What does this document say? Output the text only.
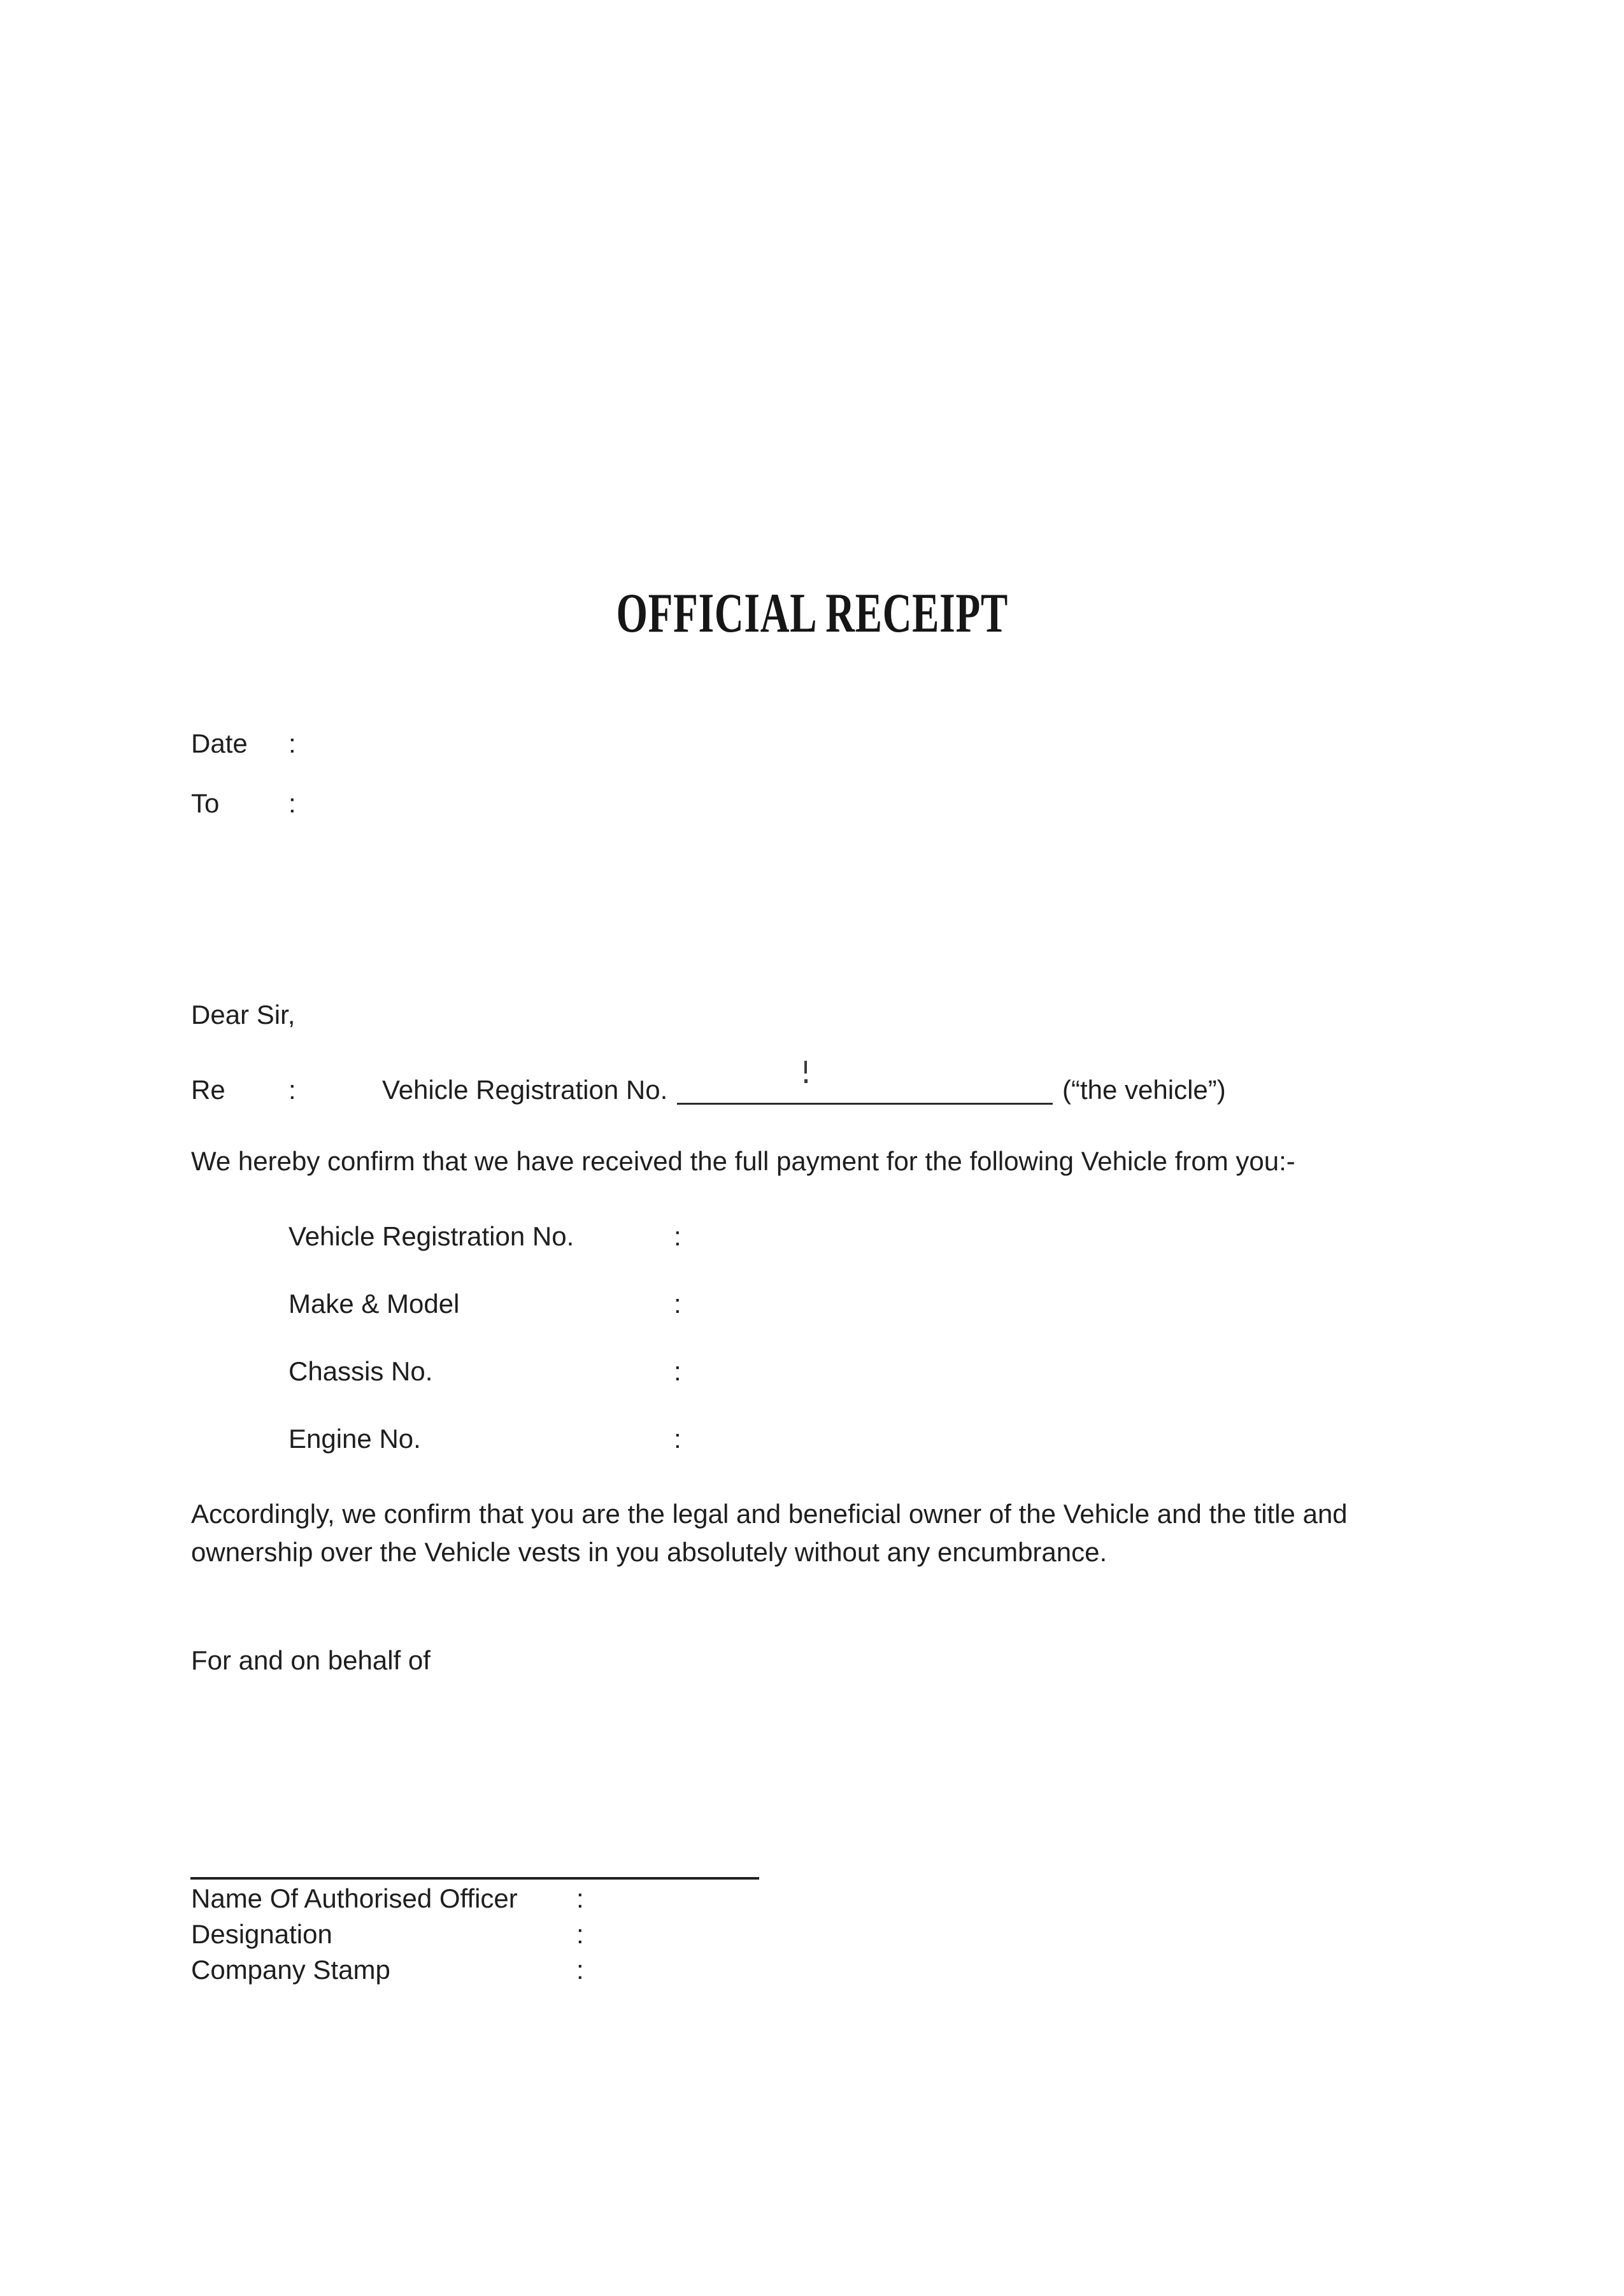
OFFICIAL RECEIPT
Date :
To	:
Dear Sir,
Re :	Vehicle Registration No.	(“the vehicle”)
We hereby confirm that we have received the full payment for the following Vehicle from you:-
Vehicle Registration No.	:
Make & Model	:
Chassis No.	:
Engine No.	:
Accordingly, we confirm that you are the legal and beneficial owner of the Vehicle and the title and
ownership over the Vehicle vests in you absolutely without any encumbrance.
For and on behalf of
Name Of Authorised Officer :
Designation	:
Company Stamp	:
